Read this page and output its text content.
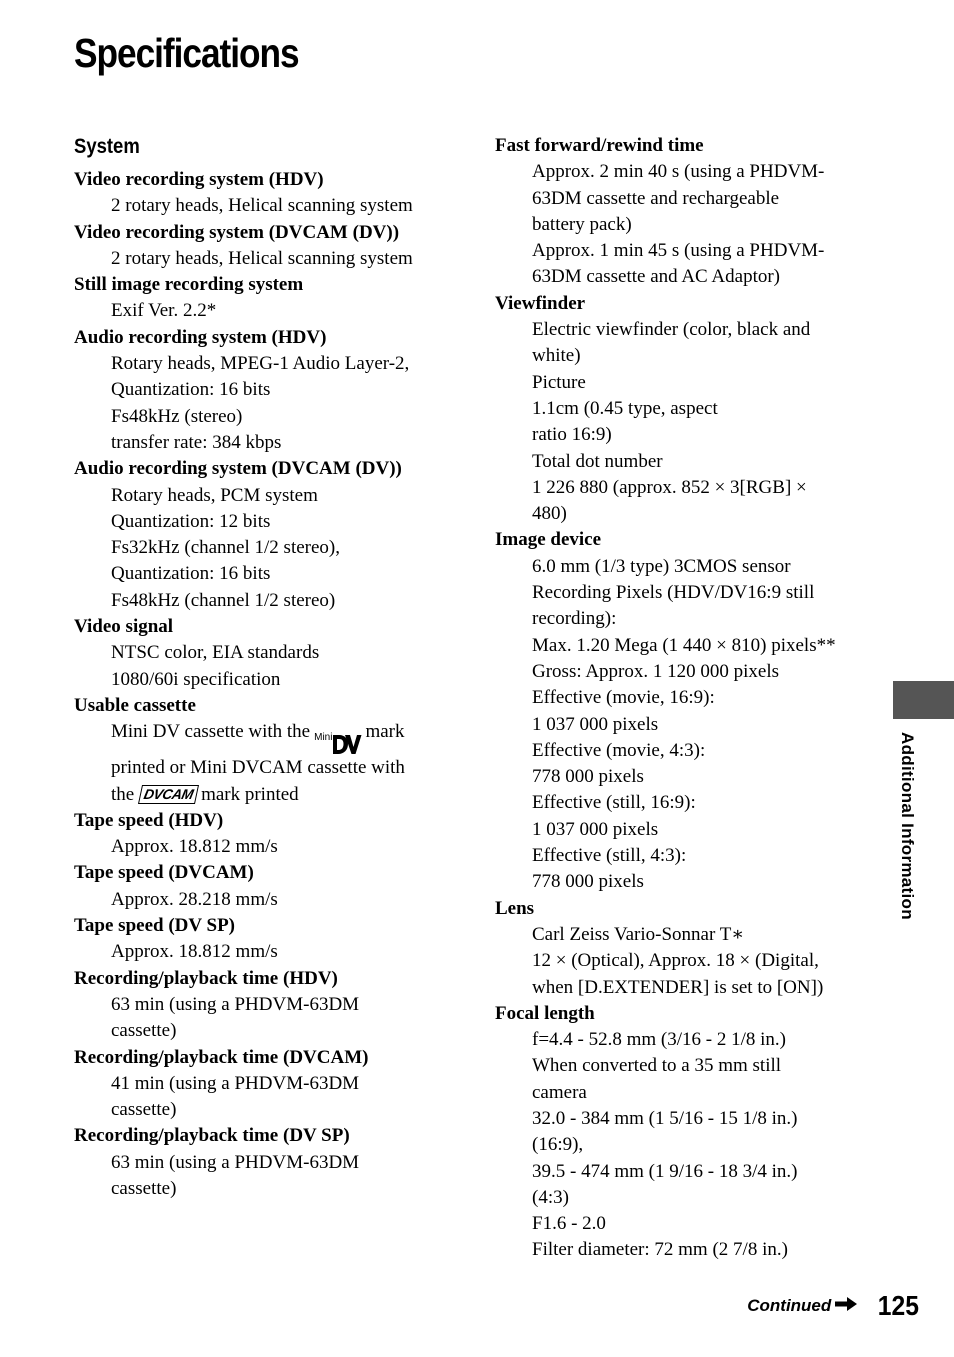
Specifications
System
Video recording system (HDV)
2 rotary heads, Helical scanning system
Video recording system (DVCAM (DV))
2 rotary heads, Helical scanning system
Still image recording system
Exif Ver. 2.2*
Audio recording system (HDV)
Rotary heads, MPEG-1 Audio Layer-2,
Quantization: 16 bits
Fs48kHz (stereo)
transfer rate: 384 kbps
Audio recording system (DVCAM (DV))
Rotary heads, PCM system
Quantization: 12 bits
Fs32kHz (channel 1/2 stereo),
Quantization: 16 bits
Fs48kHz (channel 1/2 stereo)
Video signal
NTSC color, EIA standards
1080/60i specification
Usable cassette
Mini DV cassette with the Mini mark
printed or Mini DVCAM cassette with
the DVCAM mark printed
Tape speed (HDV)
Approx. 18.812 mm/s
Tape speed (DVCAM)
Approx. 28.218 mm/s
Tape speed (DV SP)
Approx. 18.812 mm/s
Recording/playback time (HDV)
63 min (using a PHDVM-63DM
cassette)
Recording/playback time (DVCAM)
41 min (using a PHDVM-63DM
cassette)
Recording/playback time (DV SP)
63 min (using a PHDVM-63DM
cassette)
Fast forward/rewind time
Approx. 2 min 40 s (using a PHDVM-
63DM cassette and rechargeable
battery pack)
Approx. 1 min 45 s (using a PHDVM-
63DM cassette and AC Adaptor)
Viewfinder
Electric viewfinder (color, black and
white)
Picture
1.1cm (0.45 type, aspect
ratio 16:9)
Total dot number
1 226 880 (approx. 852 × 3[RGB] ×
480)
Image device
6.0 mm (1/3 type) 3CMOS sensor
Recording Pixels (HDV/DV16:9 still
recording):
Max. 1.20 Mega (1 440 × 810) pixels**
Gross: Approx. 1 120 000 pixels
Effective (movie, 16:9):
1 037 000 pixels
Effective (movie, 4:3):
778 000 pixels
Effective (still, 16:9):
1 037 000 pixels
Effective (still, 4:3):
778 000 pixels
Lens
Carl Zeiss Vario-Sonnar T∗
12 × (Optical), Approx. 18 × (Digital,
when [D.EXTENDER] is set to [ON])
Focal length
f=4.4 - 52.8 mm (3/16 - 2 1/8 in.)
When converted to a 35 mm still
camera
32.0 - 384 mm (1 5/16 - 15 1/8 in.)
(16:9),
39.5 - 474 mm (1 9/16 - 18 3/4 in.)
(4:3)
F1.6 - 2.0
Filter diameter: 72 mm (2 7/8 in.)
Additional Information
Continued 125
